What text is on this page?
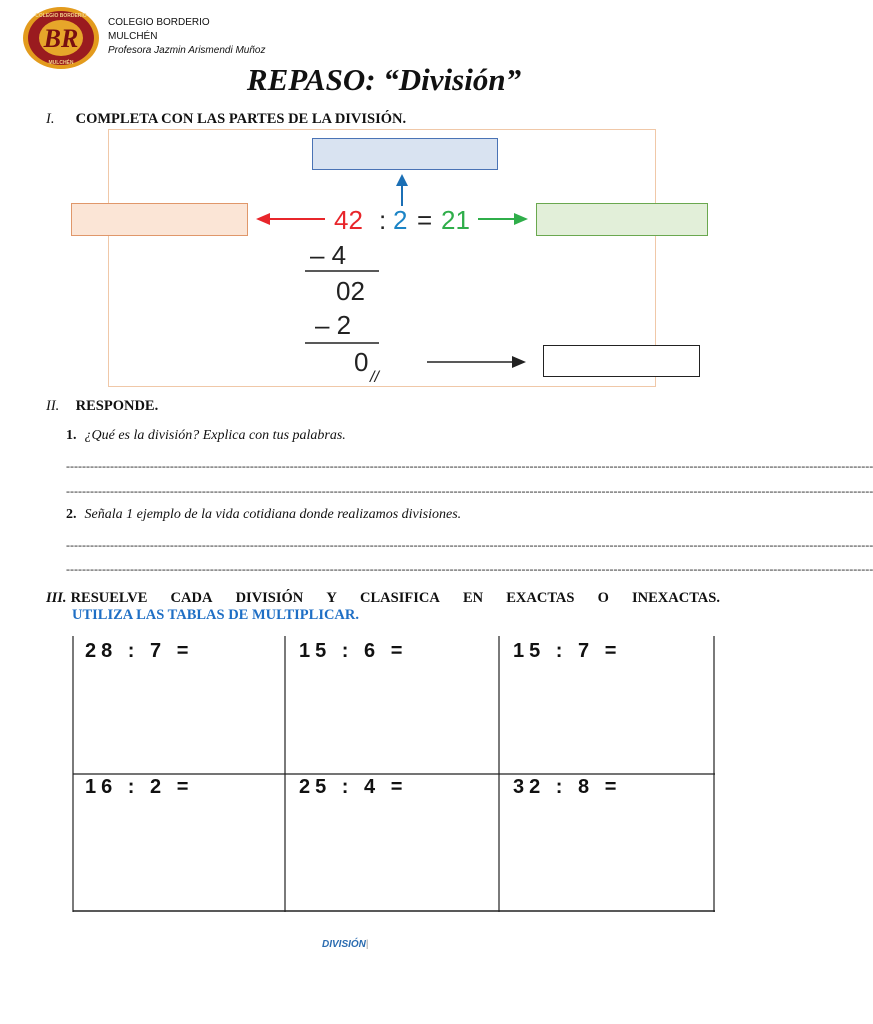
BR
COLEGIO BORDERIO
MULCHÉN
COLEGIO BORDERIO
MULCHÉN
Profesora Jazmin Arismendi Muñoz
REPASO: “División”
I. COMPLETA CON LAS PARTES DE LA DIVISIÓN.
42 : 2 = 21
– 4
02
– 2
0
//
II. RESPONDE.
1. ¿Qué es la división? Explica con tus palabras.
----------------------------------------------------------------------------------------------------------------------------------------------------------------------------------------------------------
----------------------------------------------------------------------------------------------------------------------------------------------------------------------------------------------------------
2. Señala 1 ejemplo de la vida cotidiana donde realizamos divisiones.
----------------------------------------------------------------------------------------------------------------------------------------------------------------------------------------------------------
----------------------------------------------------------------------------------------------------------------------------------------------------------------------------------------------------------
III. RESUELVE CADA DIVISIÓN Y CLASIFICA EN EXACTAS O INEXACTAS.
UTILIZA LAS TABLAS DE MULTIPLICAR.
28 : 7 =	15 : 6 =	15 : 7 =
16 : 2 =	25 : 4 =	32 : 8 =
DIVISIÓN|
